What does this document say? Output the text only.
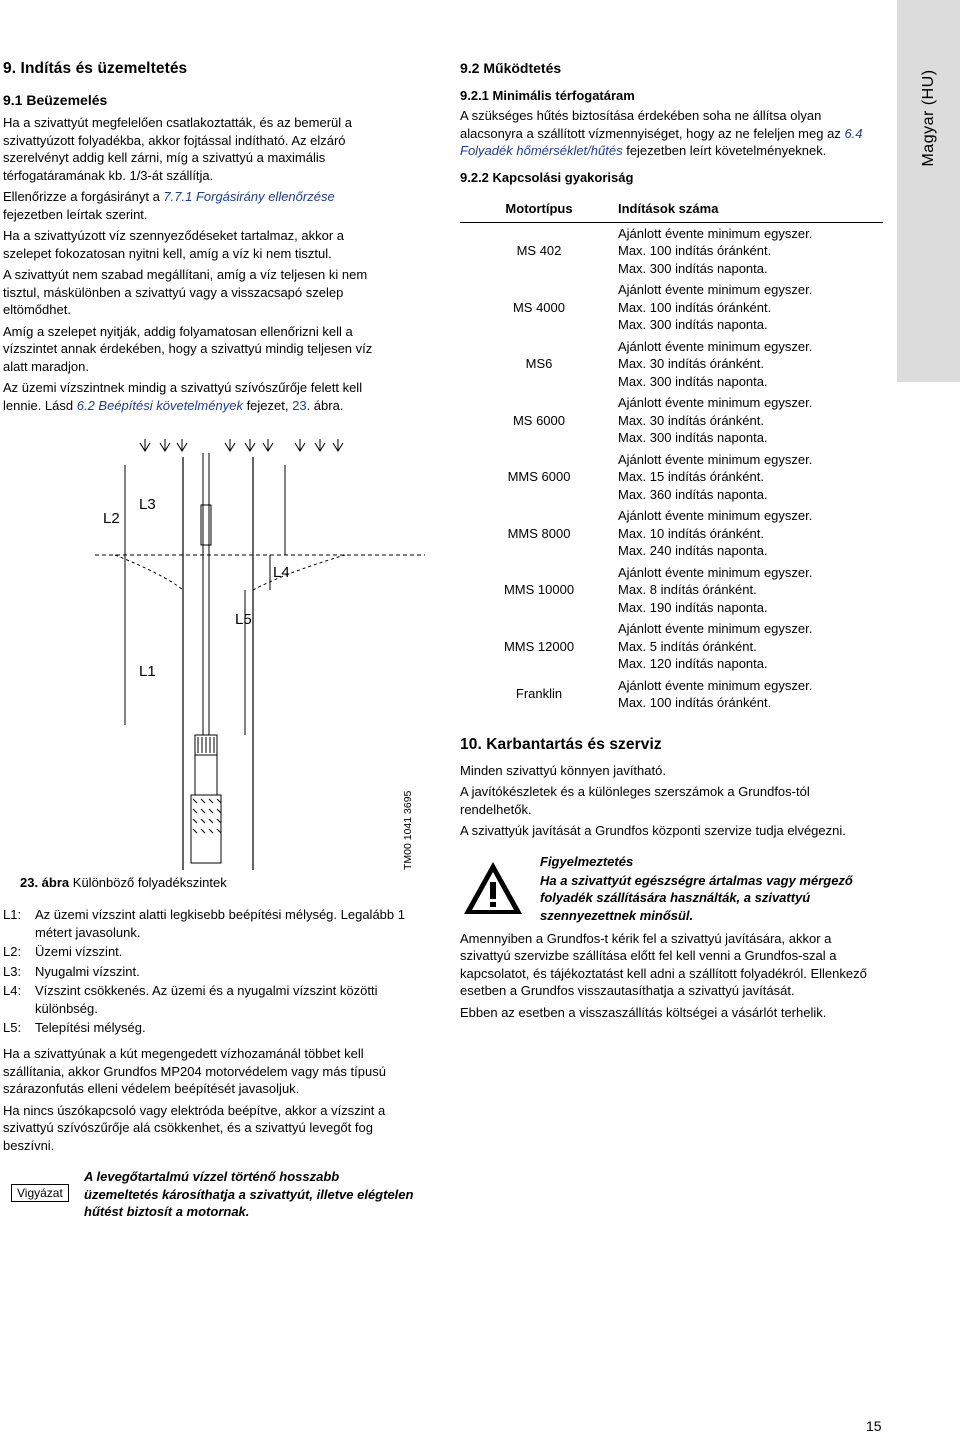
Magyar (HU)
9. Indítás és üzemeltetés
9.1 Beüzemelés

Ha a szivattyút megfelelően csatlakoztatták, és az bemerül a szivattyúzott folyadékba, akkor fojtással indítható. Az elzáró szerelvényt addig kell zárni, míg a szivattyú a maximális térfogatáramának kb. 1/3-át szállítja.

Ellenőrizze a forgásirányt a 7.7.1 Forgásirány ellenőrzése fejezetben leírtak szerint.

Ha a szivattyúzott víz szennyeződéseket tartalmaz, akkor a szelepet fokozatosan nyitni kell, amíg a víz ki nem tisztul.

A szivattyút nem szabad megállítani, amíg a víz teljesen ki nem tisztul, máskülönben a szivattyú vagy a visszacsapó szelep eltömődhet.

Amíg a szelepet nyitják, addig folyamatosan ellenőrizni kell a vízszintet annak érdekében, hogy a szivattyú mindig teljesen víz alatt maradjon.

Az üzemi vízszintnek mindig a szivattyú szívószűrője felett kell lennie. Lásd 6.2 Beépítési követelmények fejezet, 23. ábra.

L2
L3
L4
L5
L1
TM00 1041 3695
23. ábra Különböző folyadékszintek
L1:	Az üzemi vízszint alatti legkisebb beépítési mélység. Legalább 1 métert javasolunk.
L2:	Üzemi vízszint.
L3:	Nyugalmi vízszint.
L4:	Vízszint csökkenés. Az üzemi és a nyugalmi vízszint közötti különbség.
L5:	Telepítési mélység.

Ha a szivattyúnak a kút megengedett vízhozamánál többet kell szállítania, akkor Grundfos MP204 motorvédelem vagy más típusú szárazonfutás elleni védelem beépítését javasoljuk.

Ha nincs úszókapcsoló vagy elektróda beépítve, akkor a vízszint a szivattyú szívószűrője alá csökkenhet, és a szivattyú levegőt fog beszívni.

Vigyázat
A levegőtartalmú vízzel történő hosszabb üzemeltetés károsíthatja a szivattyút, illetve elégtelen hűtést biztosít a motornak.
9.2 Működtetés
9.2.1 Minimális térfogatáram

A szükséges hűtés biztosítása érdekében soha ne állítsa olyan alacsonyra a szállított vízmennyiséget, hogy az ne feleljen meg az 6.4 Folyadék hőmérséklet/hűtés fejezetben leírt követelményeknek.

9.2.2 Kapcsolási gyakoriság
Motortípus	Indítások száma
MS 402	Ajánlott évente minimum egyszer.
Max. 100 indítás óránként.
Max. 300 indítás naponta.

MS 4000	Ajánlott évente minimum egyszer.
Max. 100 indítás óránként.
Max. 300 indítás naponta.

MS6	Ajánlott évente minimum egyszer.
Max. 30 indítás óránként.
Max. 300 indítás naponta.

MS 6000	Ajánlott évente minimum egyszer.
Max. 30 indítás óránként.
Max. 300 indítás naponta.

MMS 6000	Ajánlott évente minimum egyszer.
Max. 15 indítás óránként.
Max. 360 indítás naponta.

MMS 8000	Ajánlott évente minimum egyszer.
Max. 10 indítás óránként.
Max. 240 indítás naponta.

MMS 10000	Ajánlott évente minimum egyszer.
Max. 8 indítás óránként.
Max. 190 indítás naponta.

MMS 12000	Ajánlott évente minimum egyszer.
Max. 5 indítás óránként.
Max. 120 indítás naponta.

Franklin	Ajánlott évente minimum egyszer.
Max. 100 indítás óránként.
10. Karbantartás és szerviz

Minden szivattyú könnyen javítható.

A javítókészletek és a különleges szerszámok a Grundfos-tól rendelhetők.

A szivattyúk javítását a Grundfos központi szervize tudja elvégezni.

Figyelmeztetés
Ha a szivattyút egészségre ártalmas vagy mérgező folyadék szállítására használták, a szivattyú szennyezettnek minősül.

Amennyiben a Grundfos-t kérik fel a szivattyú javítására, akkor a szivattyú szervizbe szállítása előtt fel kell venni a Grundfos-szal a kapcsolatot, és tájékoztatást kell adni a szállított folyadékról. Ellenkező esetben a Grundfos visszautasíthatja a szivattyú javítását.

Ebben az esetben a visszaszállítás költségei a vásárlót terhelik.

15
